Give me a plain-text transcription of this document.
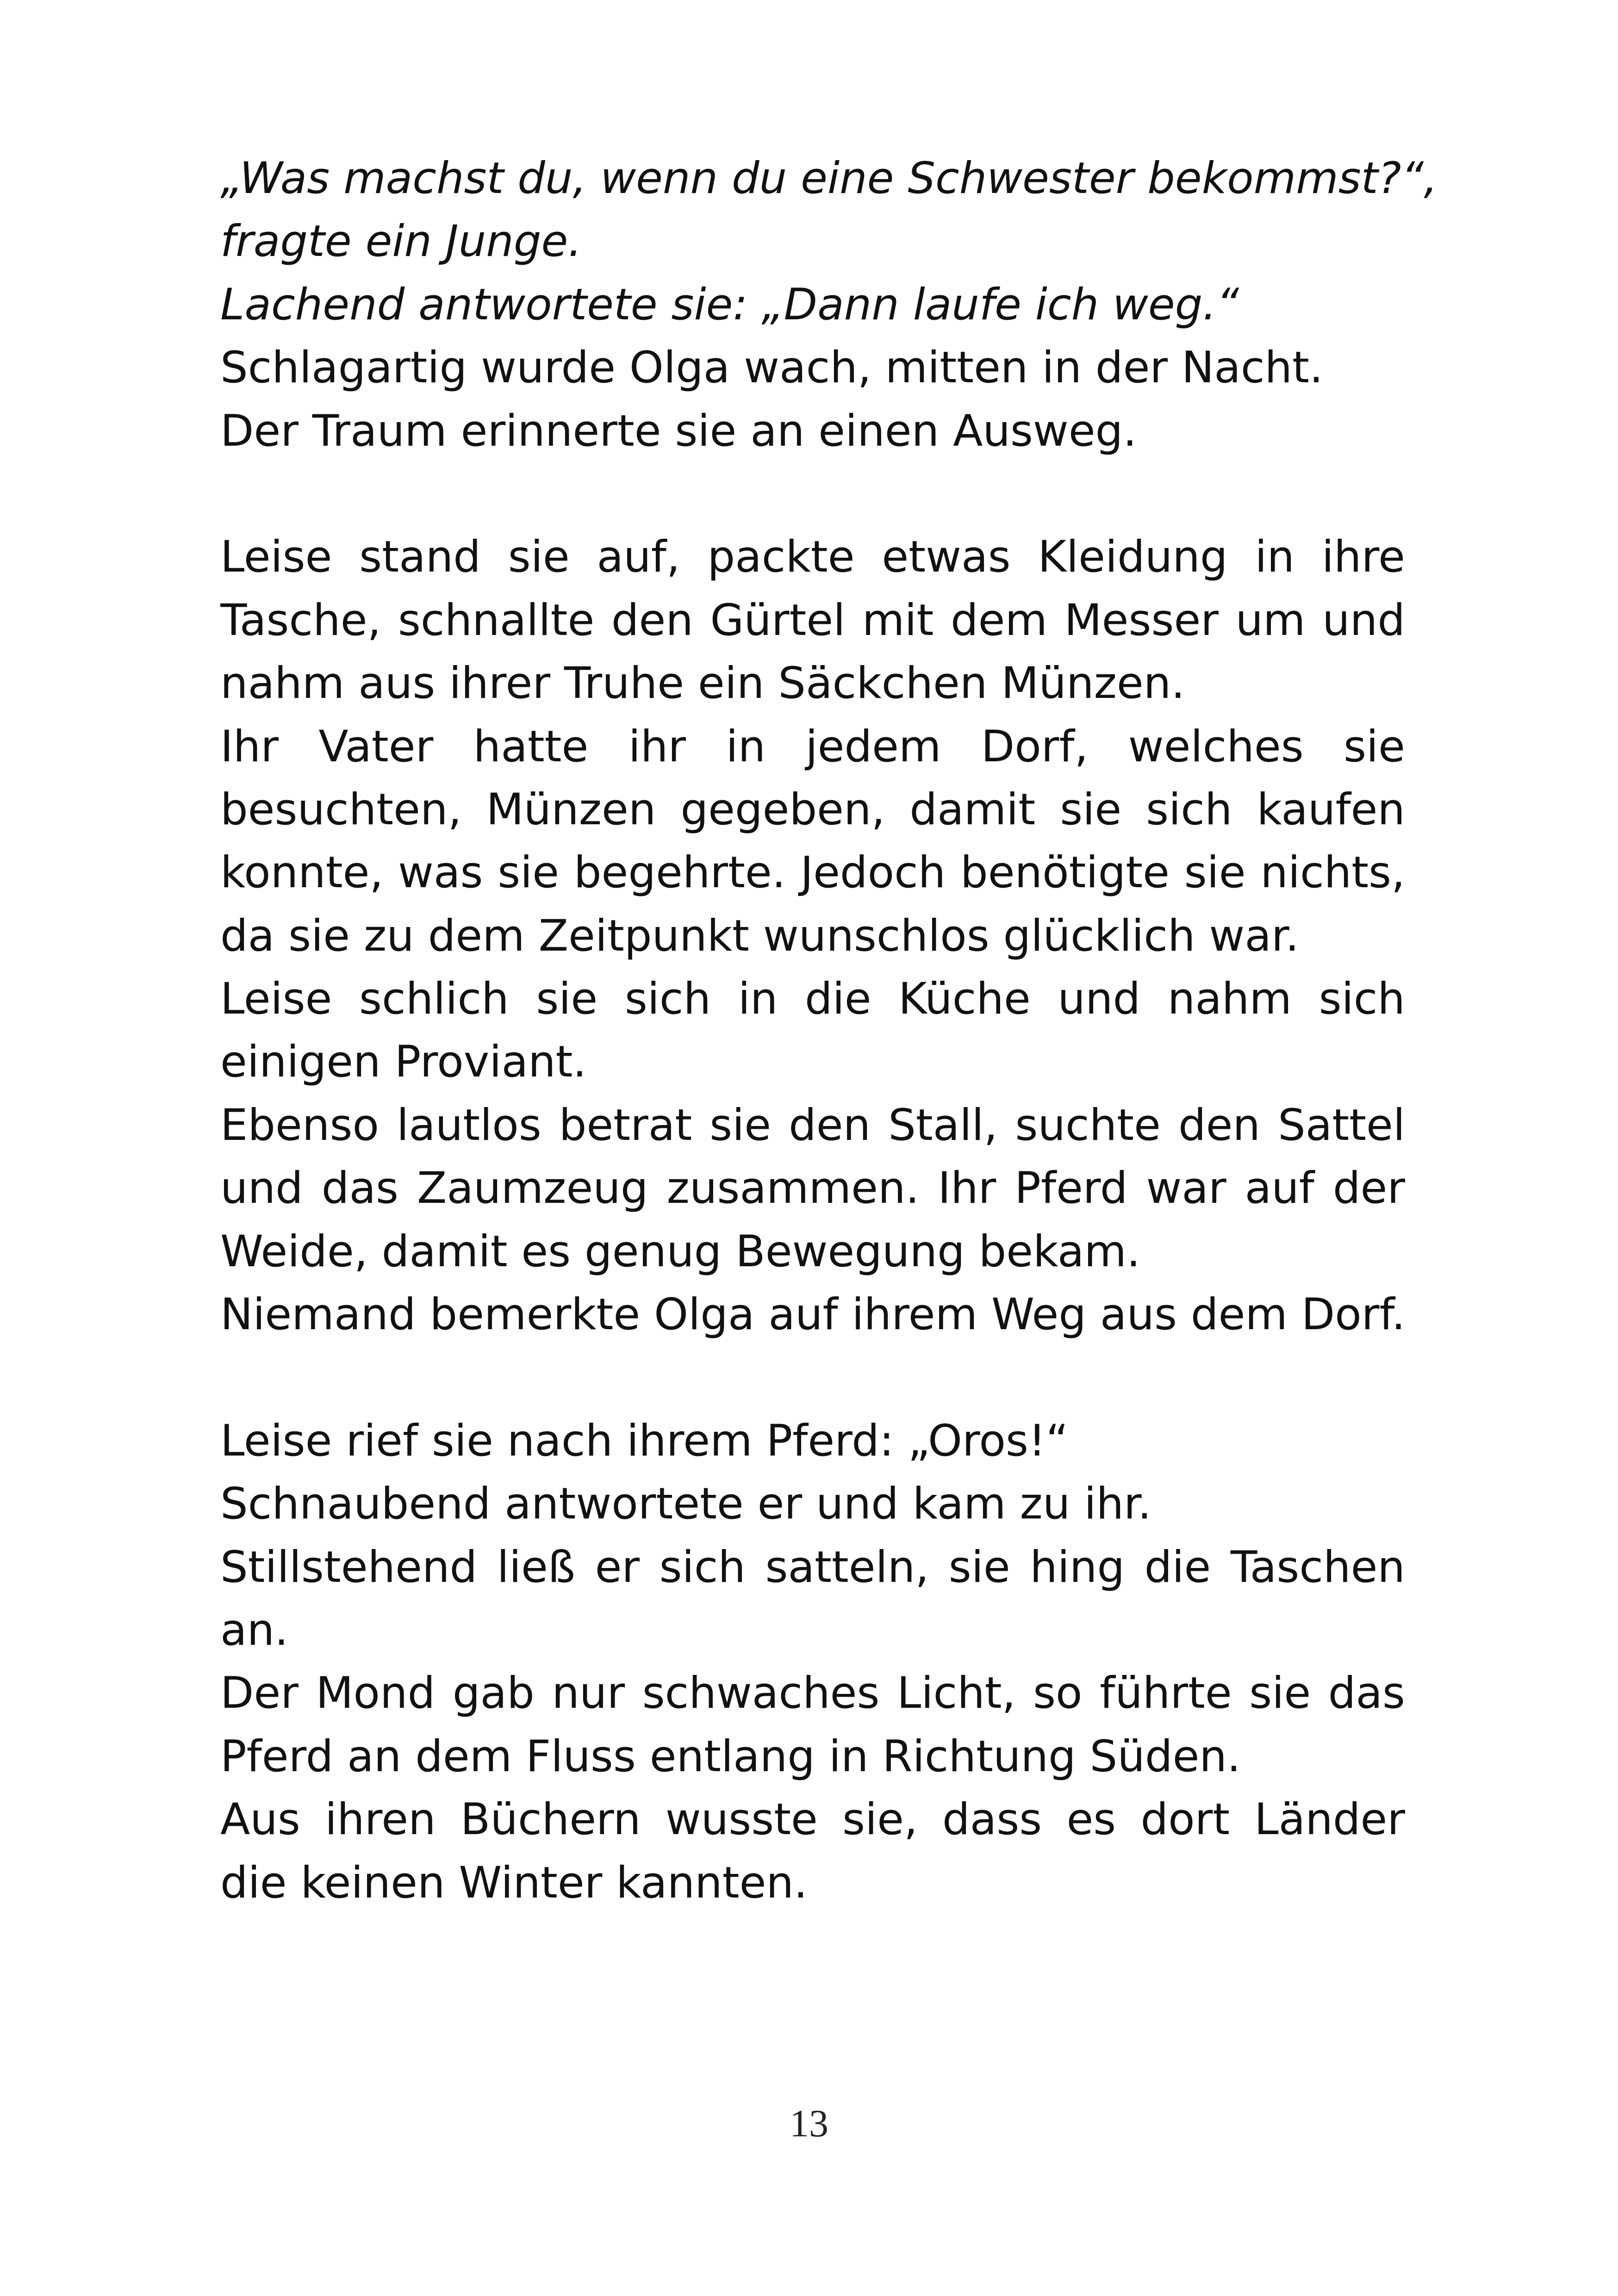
„Was machst du, wenn du eine Schwester bekommst?“,
fragte ein Junge.
Lachend antwortete sie: „Dann laufe ich weg.“
Schlagartig wurde Olga wach, mitten in der Nacht.
Der Traum erinnerte sie an einen Ausweg.
Leise stand sie auf, packte etwas Kleidung in ihre
Tasche, schnallte den Gürtel mit dem Messer um und
nahm aus ihrer Truhe ein Säckchen Münzen.
Ihr Vater hatte ihr in jedem Dorf, welches sie
besuchten, Münzen gegeben, damit sie sich kaufen
konnte, was sie begehrte. Jedoch benötigte sie nichts,
da sie zu dem Zeitpunkt wunschlos glücklich war.
Leise schlich sie sich in die Küche und nahm sich
einigen Proviant.
Ebenso lautlos betrat sie den Stall, suchte den Sattel
und das Zaumzeug zusammen. Ihr Pferd war auf der
Weide, damit es genug Bewegung bekam.
Niemand bemerkte Olga auf ihrem Weg aus dem Dorf.
Leise rief sie nach ihrem Pferd: „Oros!“
Schnaubend antwortete er und kam zu ihr.
Stillstehend ließ er sich satteln, sie hing die Taschen
an.
Der Mond gab nur schwaches Licht, so führte sie das
Pferd an dem Fluss entlang in Richtung Süden.
Aus ihren Büchern wusste sie, dass es dort Länder
die keinen Winter kannten.
13
